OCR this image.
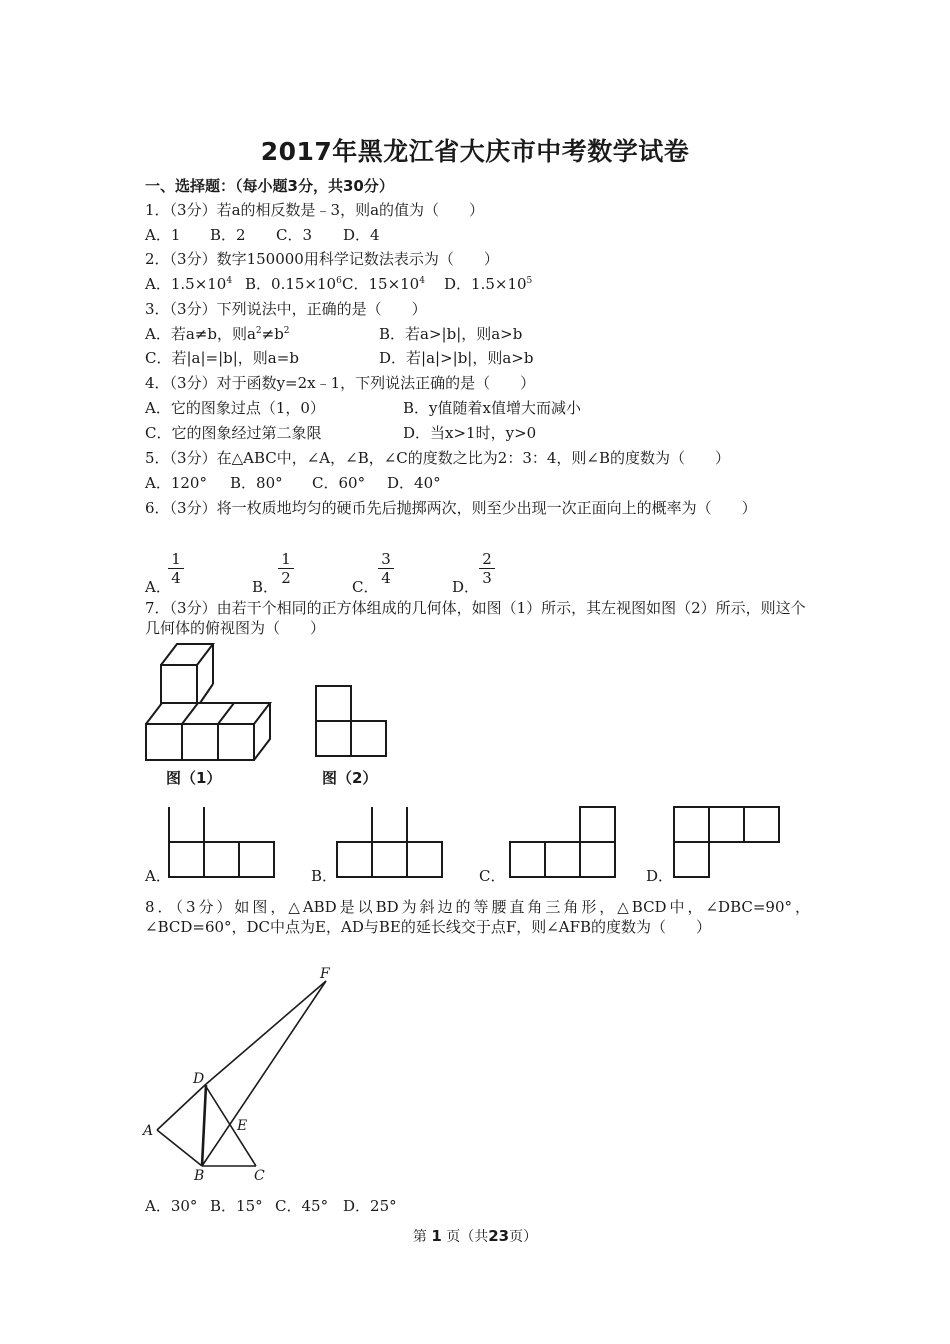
2017年黑龙江省大庆市中考数学试卷
一、选择题：（每小题3分，共30分）
1．（3分）若a的相反数是﹣3，则a的值为（　　）
A．1 B．2 C．3 D．4
2．（3分）数字150000用科学记数法表示为（　　）
A．$1.5\times 10^4$ B．$0.15\times 10^6$ C．$15\times 10^4$ D．$1.5\times 10^5$
3．（3分）下列说法中，正确的是（　　）
A．若a≠b，则$a^2\ne b^2$	B．若a>|b|，则a>b
C．若|a|=|b|，则a=b	D．若|a|>|b|，则a>b
4．（3分）对于函数y=2x﹣1，下列说法正确的是（　　）
A．它的图象过点（1，0）	B．y值随着x值增大而减小
C．它的图象经过第二象限	D．当x>1时，y>0
5．（3分）在△ABC中，∠A，∠B，∠C的度数之比为2：3：4，则∠B的度数为（　　）
A．120° B．80° C．60° D．40°
6．（3分）将一枚质地均匀的硬币先后抛掷两次，则至少出现一次正面向上的概率为（　　）
A．
$\frac{1}{4}$	B． $\frac{1}{2}$	C． $\frac{3}{4}$	D． $\frac{2}{3}$
7．（3分）由若干个相同的正方体组成的几何体，如图（1）所示，其左视图如图（2）所示，则这个几何体的俯视图为（　　）
图（1）	图（2）
A．	B．	C．	D．
8．（3分）如图，△ABD是以BD为斜边的等腰直角三角形，△BCD中，∠DBC=90°，∠BCD=60°，DC中点为E，AD与BE的延长线交于点F，则∠AFB的度数为（　　）
F
D
A	E
B	C
A．30° B．15° C．45° D．25°
第 1 页（共23页）
